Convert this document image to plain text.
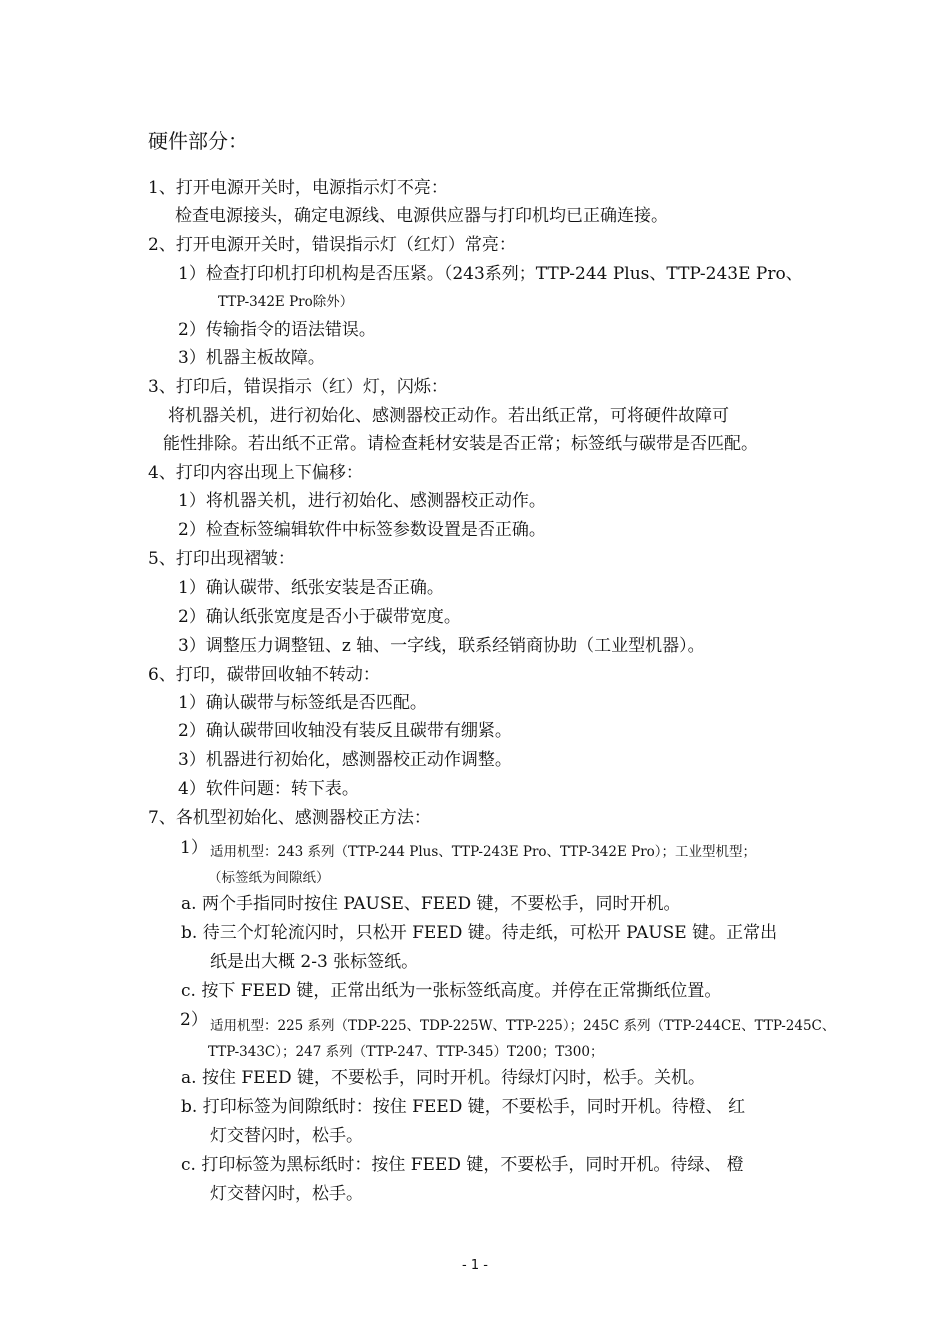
硬件部分：
1、打开电源开关时，电源指示灯不亮：
检查电源接头，确定电源线、电源供应器与打印机均已正确连接。
2、打开电源开关时，错误指示灯（红灯）常亮：
1）检查打印机打印机构是否压紧。（243系列；TTP-244 Plus、TTP-243E Pro、
TTP-342E Pro除外）
2）传输指令的语法错误。
3）机器主板故障。
3、打印后，错误指示（红）灯，闪烁：
将机器关机，进行初始化、感测器校正动作。若出纸正常，可将硬件故障可
能性排除。若出纸不正常。请检查耗材安装是否正常；标签纸与碳带是否匹配。
4、打印内容出现上下偏移：
1）将机器关机，进行初始化、感测器校正动作。
2）检查标签编辑软件中标签参数设置是否正确。
5、打印出现褶皱：
1）确认碳带、纸张安装是否正确。
2）确认纸张宽度是否小于碳带宽度。
3）调整压力调整钮、z 轴、一字线，联系经销商协助（工业型机器）。
6、打印，碳带回收轴不转动：
1）确认碳带与标签纸是否匹配。
2）确认碳带回收轴没有装反且碳带有绷紧。
3）机器进行初始化，感测器校正动作调整。
4）软件问题：转下表。
7、各机型初始化、感测器校正方法：
1） 适用机型：243 系列（TTP-244 Plus、TTP-243E Pro、TTP-342E Pro）；工业型机型；
（标签纸为间隙纸）
a. 两个手指同时按住 PAUSE、FEED 键，不要松手，同时开机。
b. 待三个灯轮流闪时，只松开 FEED 键。待走纸，可松开 PAUSE 键。正常出
纸是出大概 2-3 张标签纸。
c. 按下 FEED 键，正常出纸为一张标签纸高度。并停在正常撕纸位置。
2） 适用机型：225 系列（TDP-225、TDP-225W、TTP-225）；245C 系列（TTP-244CE、TTP-245C、
TTP-343C）；247 系列（TTP-247、TTP-345）T200；T300；
a. 按住 FEED 键，不要松手，同时开机。待绿灯闪时，松手。关机。
b. 打印标签为间隙纸时：按住 FEED 键，不要松手，同时开机。待橙、 红
灯交替闪时，松手。
c. 打印标签为黑标纸时：按住 FEED 键，不要松手，同时开机。待绿、 橙
灯交替闪时，松手。
- 1 -
